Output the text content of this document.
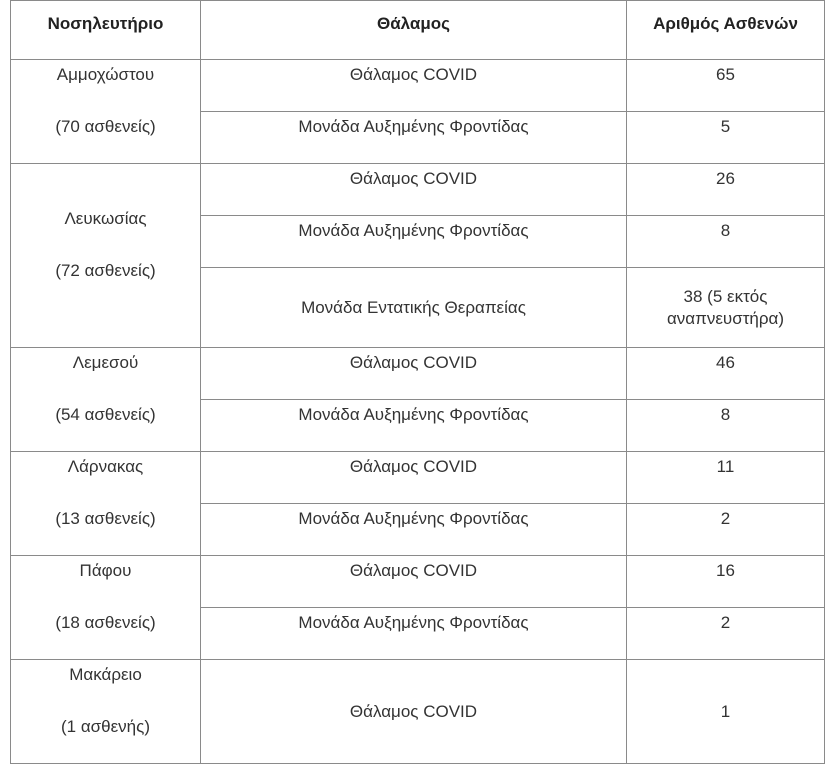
Νοσηλευτήριο	Θάλαμος	Αριθμός Ασθενών

Αμμοχώστου
(70 ασθενείς)	Θάλαμος COVID	65
	Μονάδα Αυξημένης Φροντίδας	5

Λευκωσίας
(72 ασθενείς)	Θάλαμος COVID	26
	Μονάδα Αυξημένης Φροντίδας	8
	Μονάδα Εντατικής Θεραπείας	38 (5 εκτός αναπνευστήρα)

Λεμεσού
(54 ασθενείς)	Θάλαμος COVID	46
	Μονάδα Αυξημένης Φροντίδας	8

Λάρνακας
(13 ασθενείς)	Θάλαμος COVID	11
	Μονάδα Αυξημένης Φροντίδας	2

Πάφου
(18 ασθενείς)	Θάλαμος COVID	16
	Μονάδα Αυξημένης Φροντίδας	2

Μακάρειο
(1 ασθενής)	Θάλαμος COVID	1
